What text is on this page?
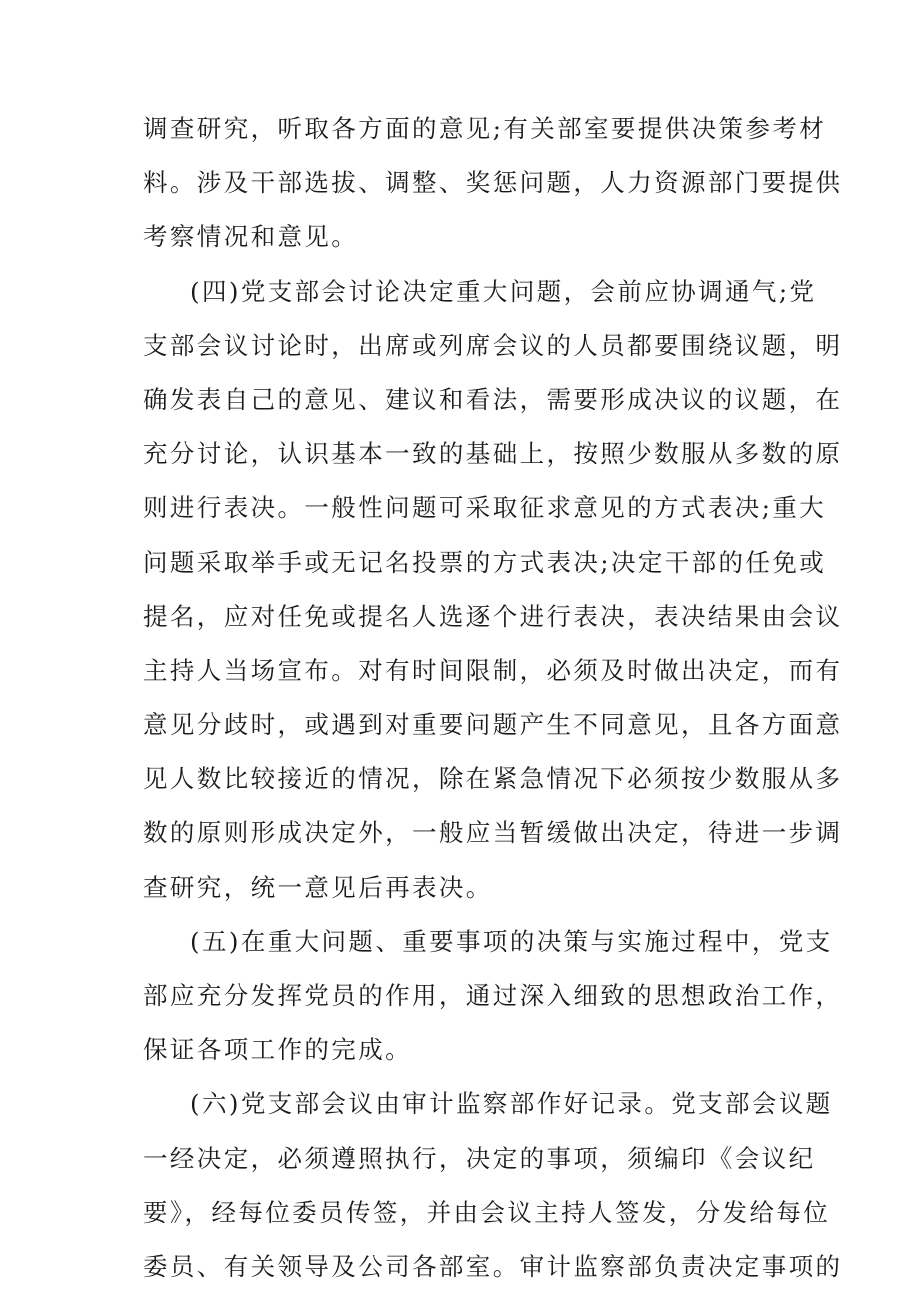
调查研究，听取各方面的意见;有关部室要提供决策参考材
料。涉及干部选拔、调整、奖惩问题，人力资源部门要提供
考察情况和意见。
(四)党支部会讨论决定重大问题，会前应协调通气;党
支部会议讨论时，出席或列席会议的人员都要围绕议题，明
确发表自己的意见、建议和看法，需要形成决议的议题，在
充分讨论，认识基本一致的基础上，按照少数服从多数的原
则进行表决。一般性问题可采取征求意见的方式表决;重大
问题采取举手或无记名投票的方式表决;决定干部的任免或
提名，应对任免或提名人选逐个进行表决，表决结果由会议
主持人当场宣布。对有时间限制，必须及时做出决定，而有
意见分歧时，或遇到对重要问题产生不同意见，且各方面意
见人数比较接近的情况，除在紧急情况下必须按少数服从多
数的原则形成决定外，一般应当暂缓做出决定，待进一步调
查研究，统一意见后再表决。
(五)在重大问题、重要事项的决策与实施过程中，党支
部应充分发挥党员的作用，通过深入细致的思想政治工作，
保证各项工作的完成。
(六)党支部会议由审计监察部作好记录。党支部会议题
一经决定，必须遵照执行，决定的事项，须编印《会议纪
要》，经每位委员传签，并由会议主持人签发，分发给每位
委员、有关领导及公司各部室。审计监察部负责决定事项的
